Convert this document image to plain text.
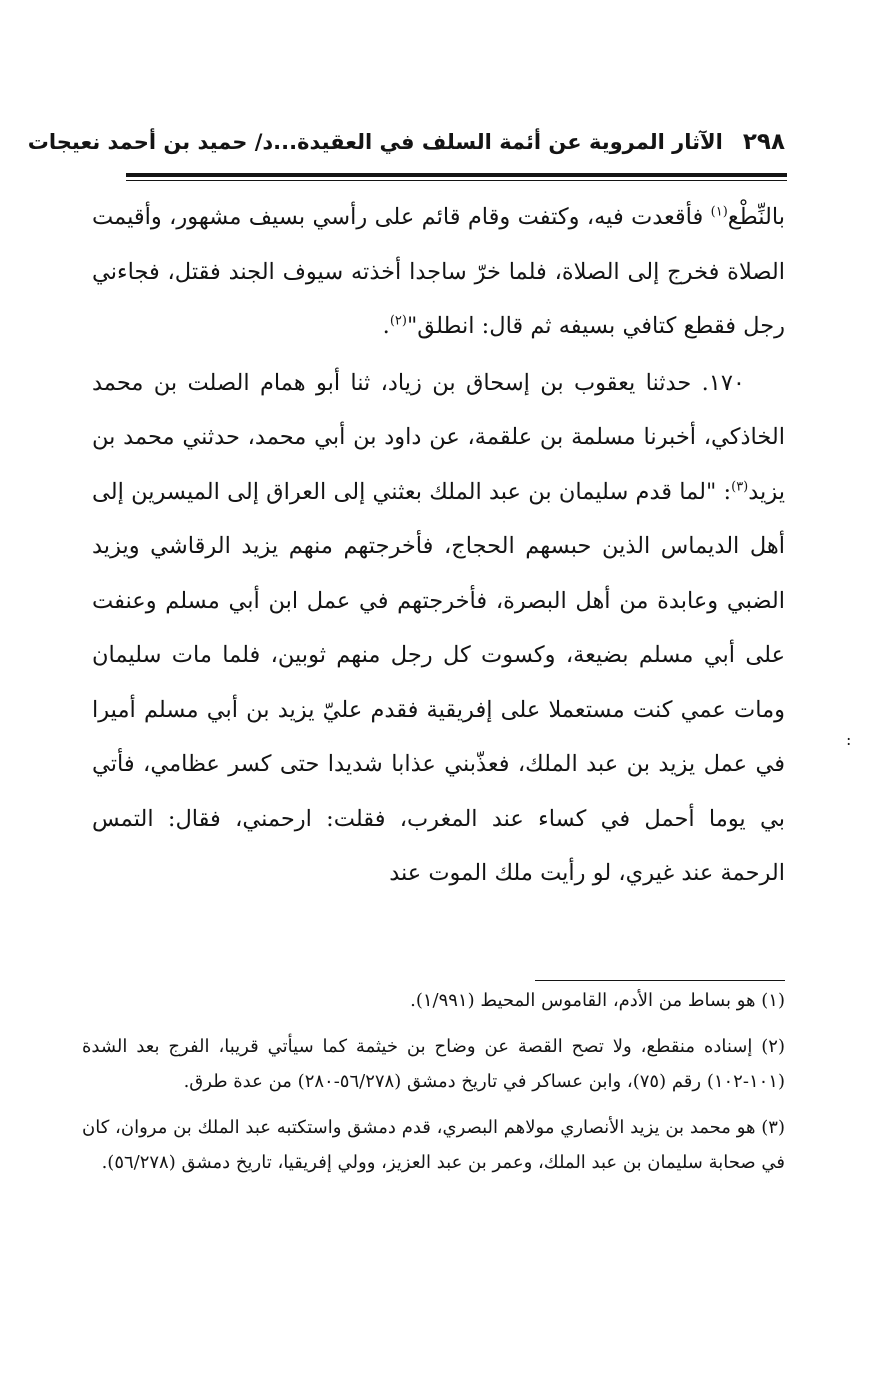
٢٩٨
الآثار المروية عن أئمة السلف في العقيدة...د/ حميد بن أحمد نعيجات

بالنِّطْع$^{(١)}$ فأقعدت فيه، وكتفت وقام قائم على رأسي بسيف مشهور، وأقيمت الصلاة فخرج إلى الصلاة، فلما خرّ ساجدا أخذته سيوف الجند فقتل، فجاءني رجل فقطع كتافي بسيفه ثم قال: انطلق"$^{(٢)}$.

١٧٠. حدثنا يعقوب بن إسحاق بن زياد، ثنا أبو همام الصلت بن محمد الخاذكي، أخبرنا مسلمة بن علقمة، عن داود بن أبي محمد، حدثني محمد بن يزيد$^{(٣)}$: "لما قدم سليمان بن عبد الملك بعثني إلى العراق إلى الميسرين إلى أهل الديماس الذين حبسهم الحجاج، فأخرجتهم منهم يزيد الرقاشي ويزيد الضبي وعابدة من أهل البصرة، فأخرجتهم في عمل ابن أبي مسلم وعنفت على أبي مسلم بضيعة، وكسوت كل رجل منهم ثوبين، فلما مات سليمان ومات عمي كنت مستعملا على إفريقية فقدم عليّ يزيد بن أبي مسلم أميرا في عمل يزيد بن عبد الملك، فعذّبني عذابا شديدا حتى كسر عظامي، فأتي بي يوما أحمل في كساء عند المغرب، فقلت: ارحمني، فقال: التمس الرحمة عند غيري، لو رأيت ملك الموت عند

(١) هو بساط من الأدم، القاموس المحيط (١/٩٩١).

(٢) إسناده منقطع، ولا تصح القصة عن وضاح بن خيثمة كما سيأتي قريبا، الفرج بعد الشدة (١٠١-١٠٢) رقم (٧٥)، وابن عساكر في تاريخ دمشق (٥٦/٢٧٨-٢٨٠) من عدة طرق.

(٣) هو محمد بن يزيد الأنصاري مولاهم البصري، قدم دمشق واستكتبه عبد الملك بن مروان، كان في صحابة سليمان بن عبد الملك، وعمر بن عبد العزيز، وولي إفريقيا، تاريخ دمشق (٥٦/٢٧٨).

:
